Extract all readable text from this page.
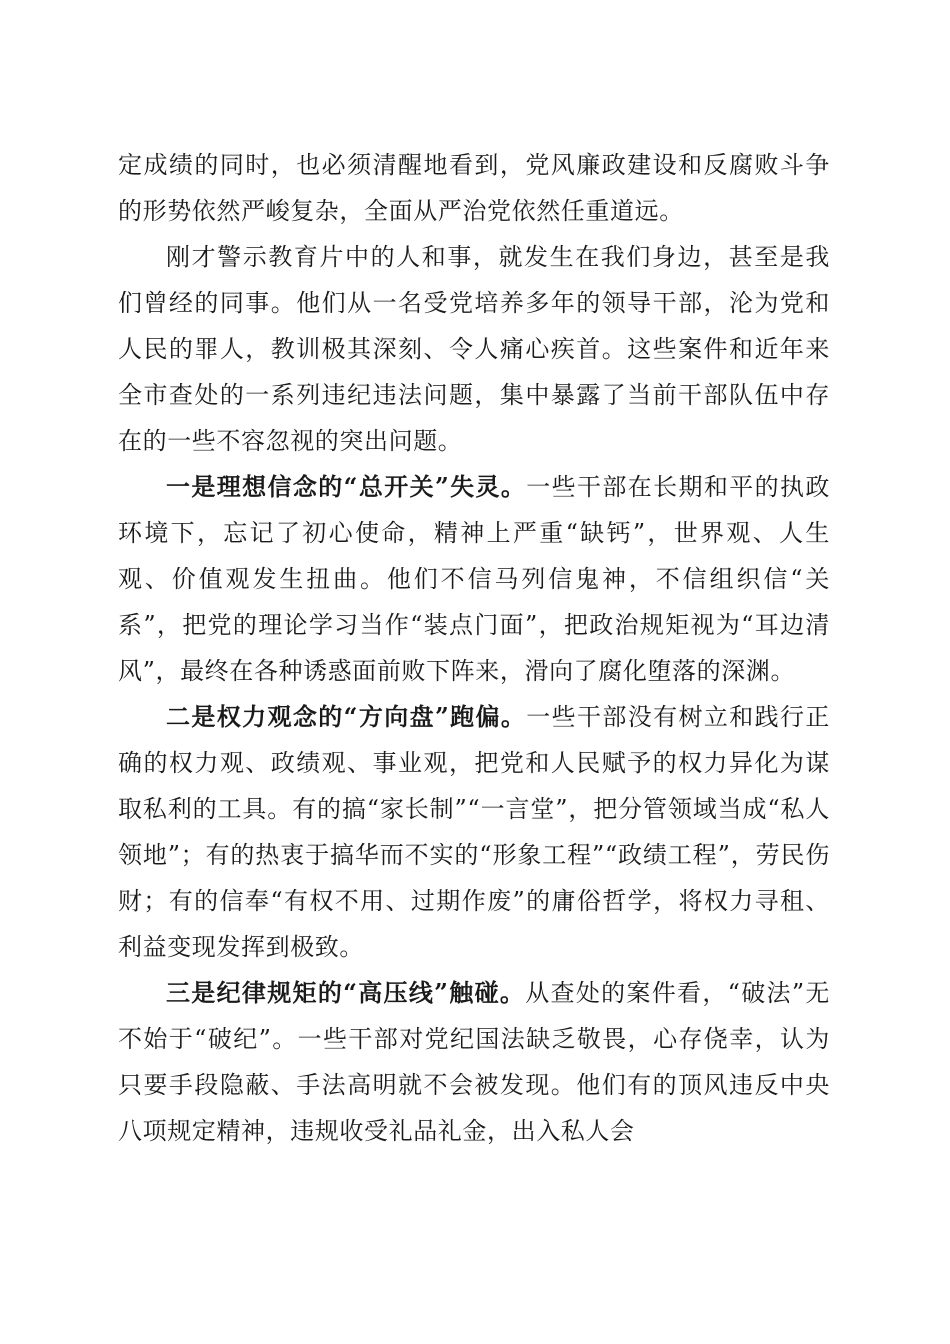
定成绩的同时，也必须清醒地看到，党风廉政建设和反腐败斗争的形势依然严峻复杂，全面从严治党依然任重道远。

刚才警示教育片中的人和事，就发生在我们身边，甚至是我们曾经的同事。他们从一名受党培养多年的领导干部，沦为党和人民的罪人，教训极其深刻、令人痛心疾首。这些案件和近年来全市查处的一系列违纪违法问题，集中暴露了当前干部队伍中存在的一些不容忽视的突出问题。

一是理想信念的“总开关”失灵。一些干部在长期和平的执政环境下，忘记了初心使命，精神上严重“缺钙”，世界观、人生观、价值观发生扭曲。他们不信马列信鬼神，不信组织信“关系”，把党的理论学习当作“装点门面”，把政治规矩视为“耳边清风”，最终在各种诱惑面前败下阵来，滑向了腐化堕落的深渊。

二是权力观念的“方向盘”跑偏。一些干部没有树立和践行正确的权力观、政绩观、事业观，把党和人民赋予的权力异化为谋取私利的工具。有的搞“家长制”“一言堂”，把分管领域当成“私人领地”；有的热衷于搞华而不实的“形象工程”“政绩工程”，劳民伤财；有的信奉“有权不用、过期作废”的庸俗哲学，将权力寻租、利益变现发挥到极致。

三是纪律规矩的“高压线”触碰。从查处的案件看，“破法”无不始于“破纪”。一些干部对党纪国法缺乏敬畏，心存侥幸，认为只要手段隐蔽、手法高明就不会被发现。他们有的顶风违反中央八项规定精神，违规收受礼品礼金，出入私人会
